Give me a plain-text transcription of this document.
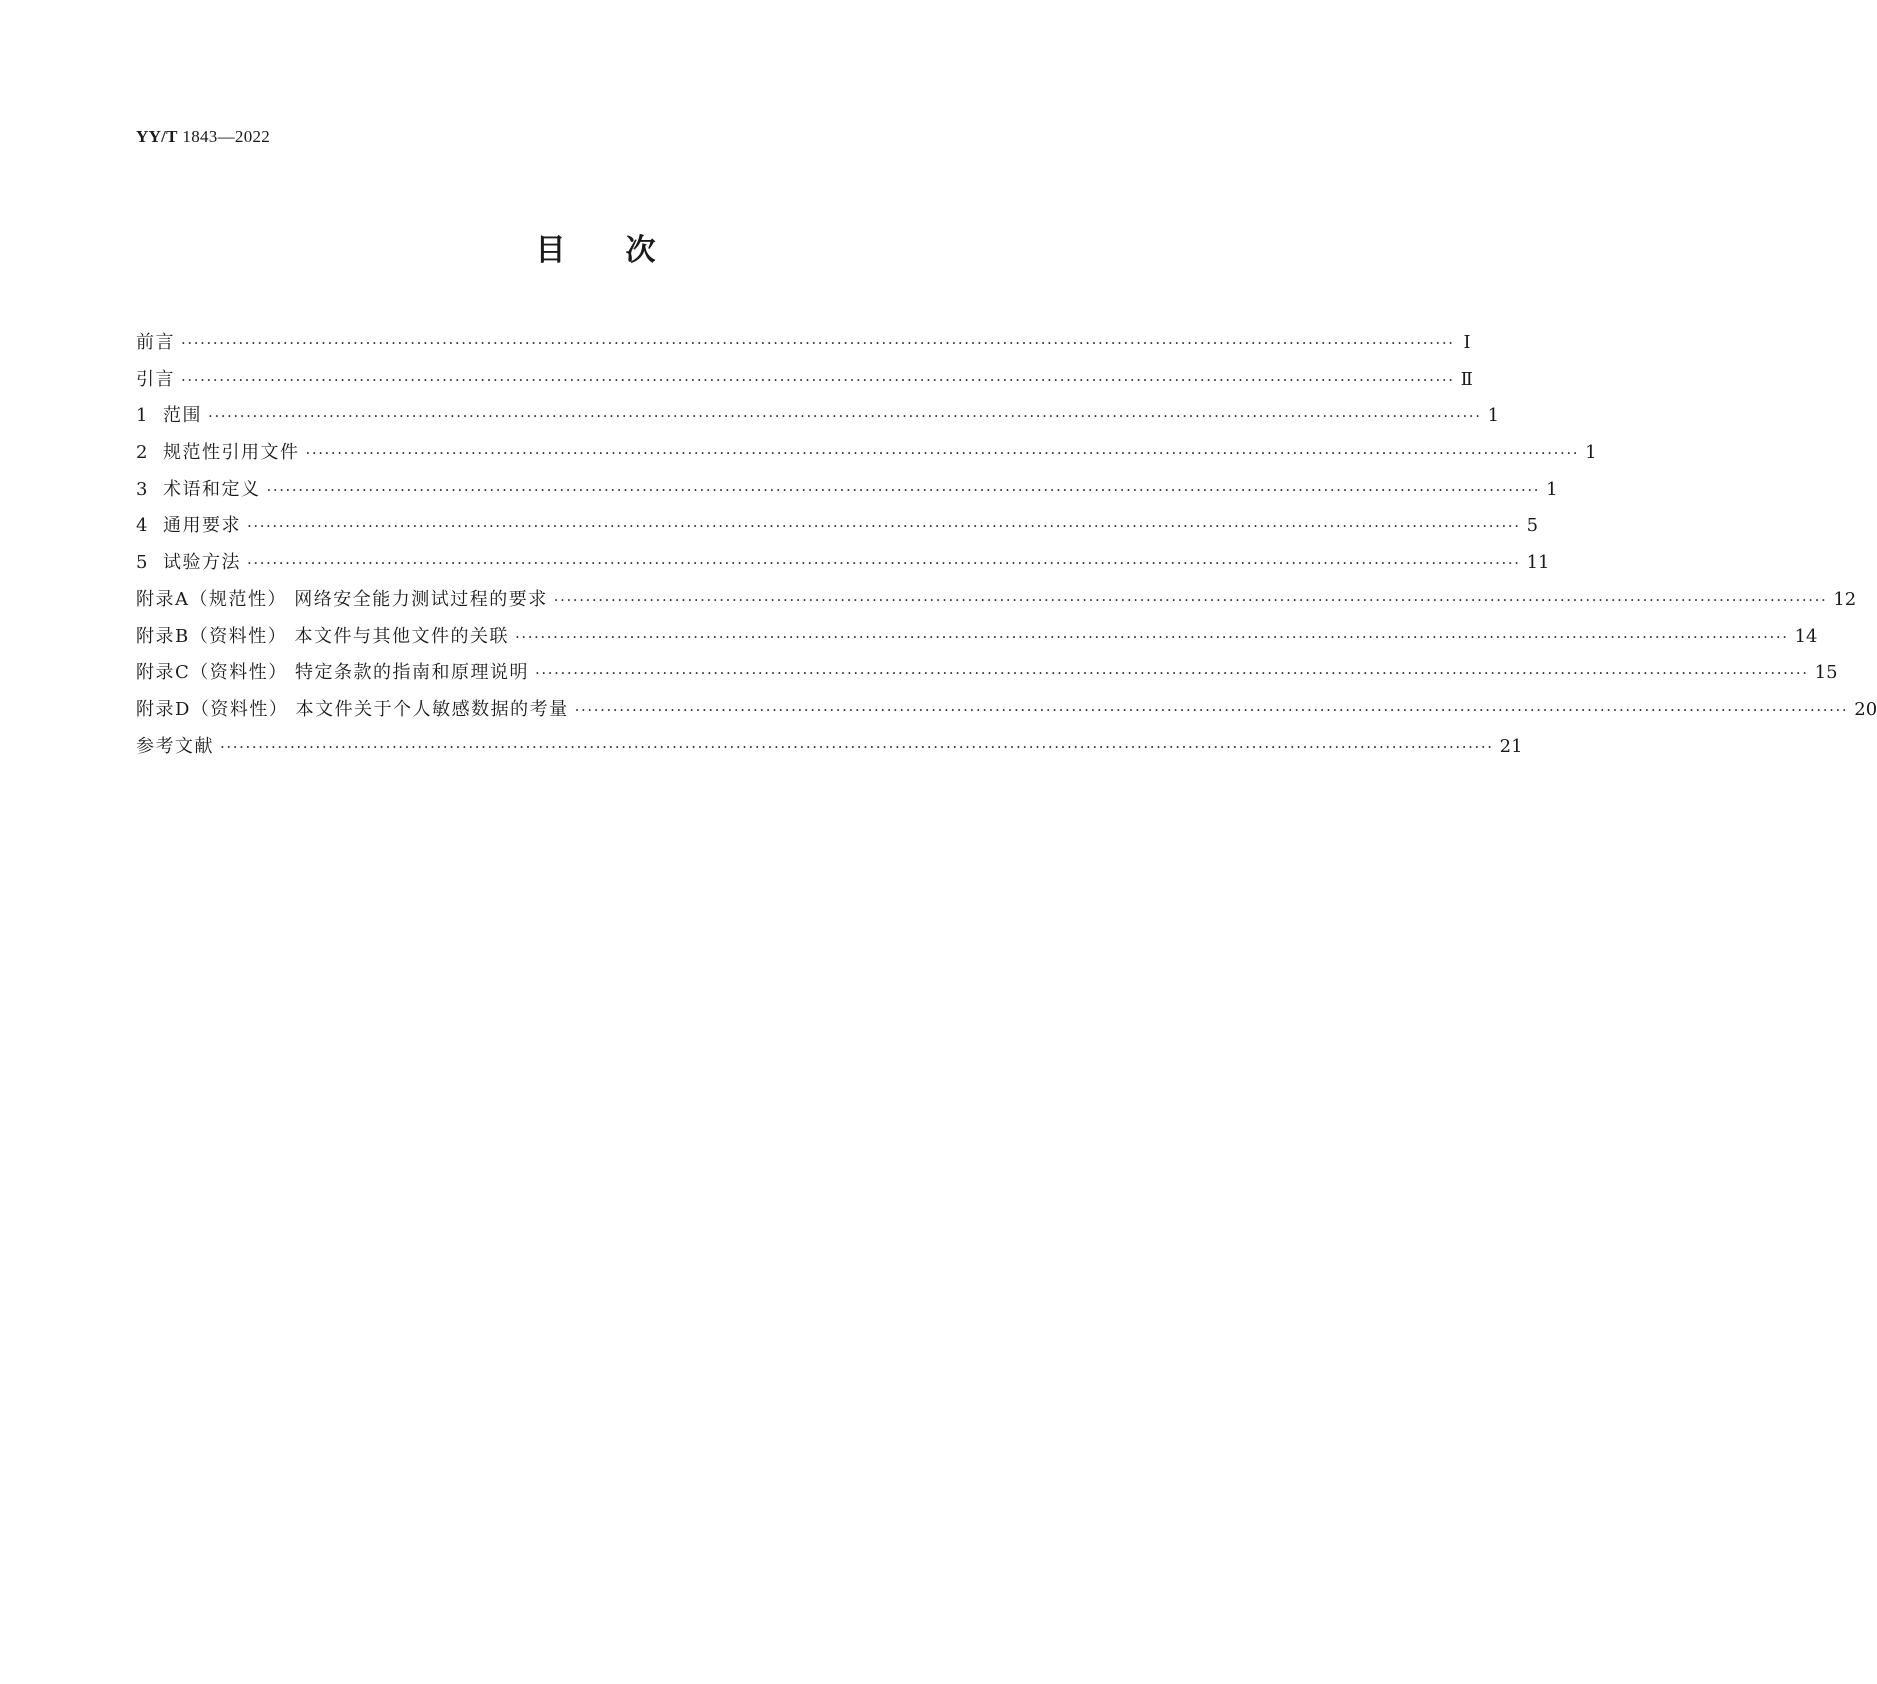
YY/T 1843—2022
目次
前言 ········································································································································································································ Ⅰ
引言 ········································································································································································································ Ⅱ
1 范围 ········································································································································································································ 1
2 规范性引用文件 ········································································································································································································ 1
3 术语和定义 ········································································································································································································ 1
4 通用要求 ········································································································································································································ 5
5 试验方法 ········································································································································································································ 11
附录A（规范性） 网络安全能力测试过程的要求 ········································································································································································································ 12
附录B（资料性） 本文件与其他文件的关联 ········································································································································································································ 14
附录C（资料性） 特定条款的指南和原理说明 ········································································································································································································ 15
附录D（资料性） 本文件关于个人敏感数据的考量 ········································································································································································································ 20
参考文献 ········································································································································································································ 21
